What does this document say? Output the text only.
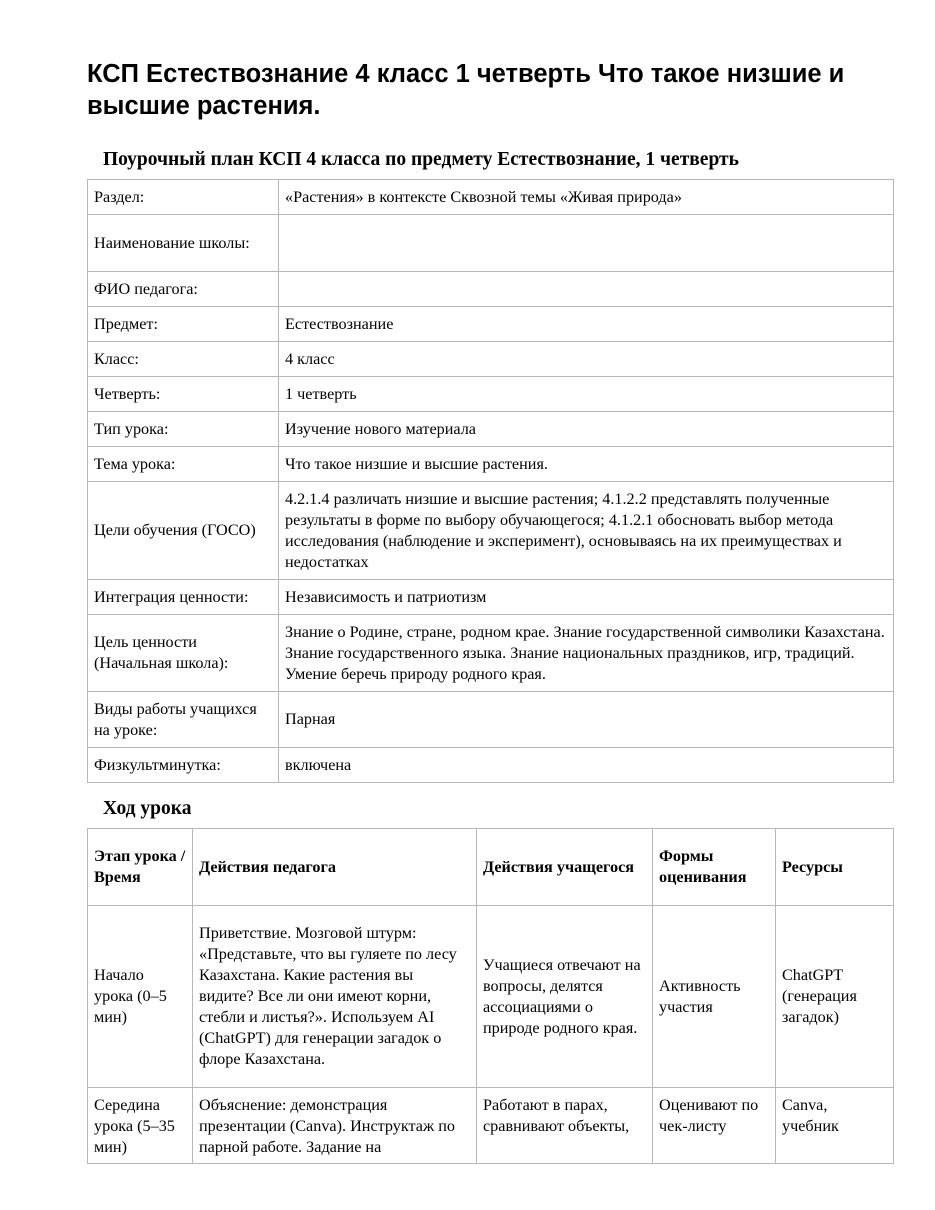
КСП Естествознание 4 класс 1 четверть Что такое низшие и высшие растения.
Поурочный план КСП 4 класса по предмету Естествознание, 1 четверть
Раздел:	«Растения» в контексте Сквозной темы «Живая природа»
Наименование школы:	
ФИО педагога:	
Предмет:	Естествознание
Класс:	4 класс
Четверть:	1 четверть
Тип урока:	Изучение нового материала
Тема урока:	Что такое низшие и высшие растения.
Цели обучения (ГОСО)	4.2.1.4 различать низшие и высшие растения; 4.1.2.2 представлять полученные результаты в форме по выбору обучающегося; 4.1.2.1 обосновать выбор метода исследования (наблюдение и эксперимент), основываясь на их преимуществах и недостатках
Интеграция ценности:	Независимость и патриотизм
Цель ценности (Начальная школа):	Знание о Родине, стране, родном крае. Знание государственной символики Казахстана. Знание государственного языка. Знание национальных праздников, игр, традиций. Умение беречь природу родного края.
Виды работы учащихся на уроке:	Парная
Физкультминутка:	включена
Ход урока
Этап урока / Время	Действия педагога	Действия учащегося	Формы оценивания	Ресурсы
Начало урока (0–5 мин)	Приветствие. Мозговой штурм: «Представьте, что вы гуляете по лесу Казахстана. Какие растения вы видите? Все ли они имеют корни, стебли и листья?». Используем AI (ChatGPT) для генерации загадок о флоре Казахстана.	Учащиеся отвечают на вопросы, делятся ассоциациями о природе родного края.	Активность участия	ChatGPT (генерация загадок)
Середина урока (5–35 мин)	Объяснение: демонстрация презентации (Canva). Инструктаж по парной работе. Задание на	Работают в парах, сравнивают объекты,	Оценивают по чек-листу	Canva, учебник
